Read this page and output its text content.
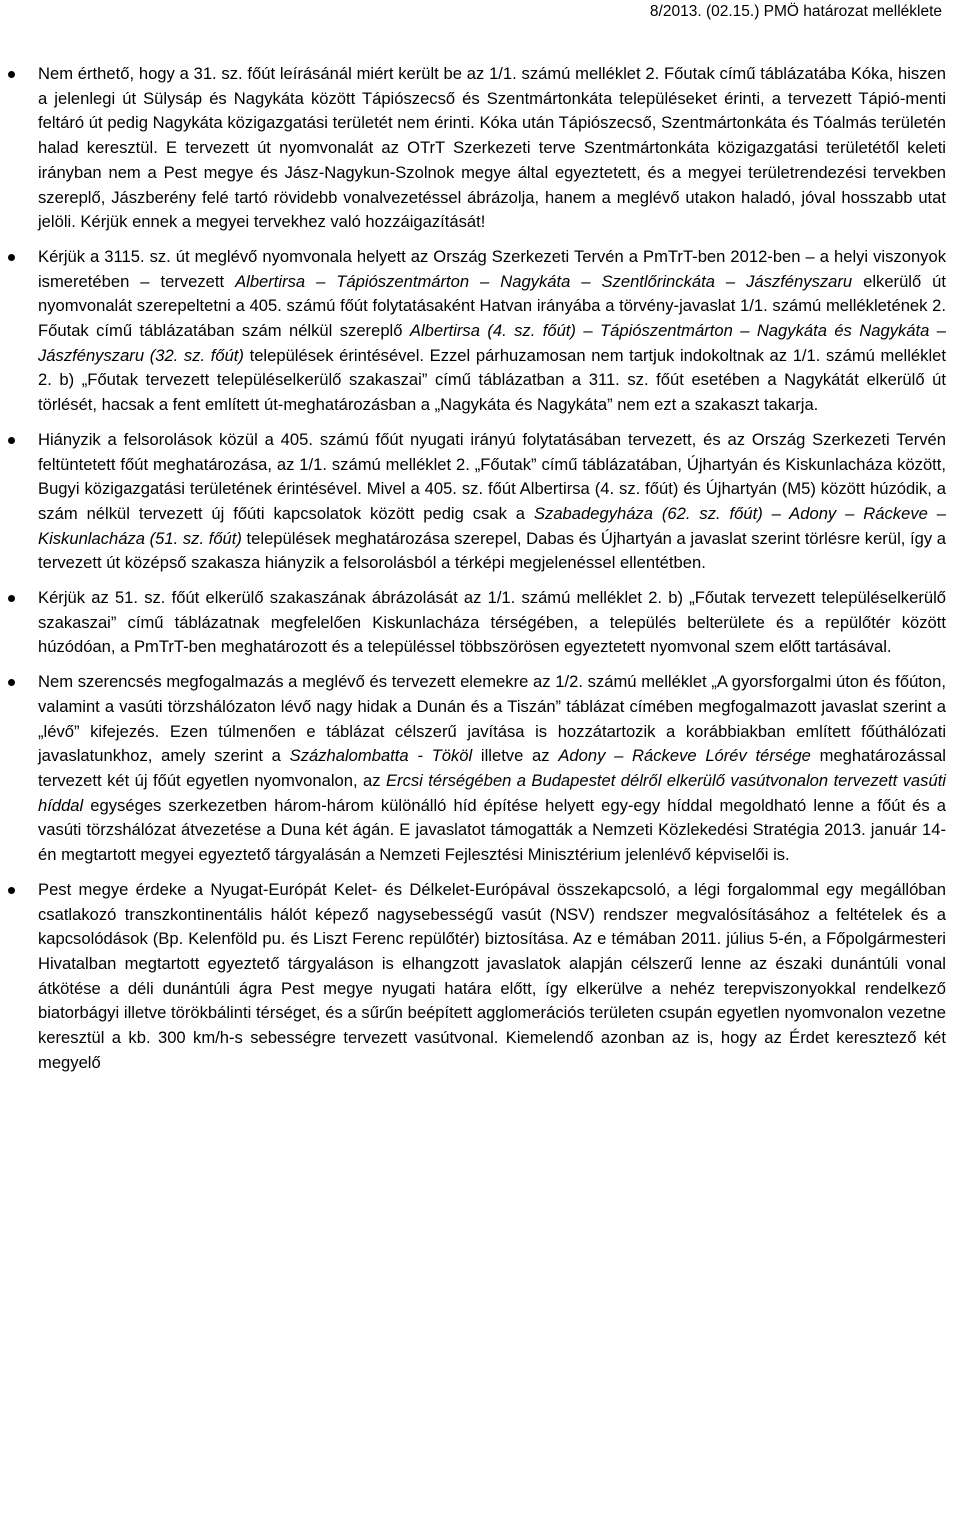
8/2013. (02.15.) PMÖ határozat melléklete

Nem érthető, hogy a 31. sz. főút leírásánál miért került be az 1/1. számú melléklet 2. Főutak című táblázatába Kóka, hiszen a jelenlegi út Sülysáp és Nagykáta között Tápiószecső és Szentmártonkáta településeket érinti, a tervezett Tápió-menti feltáró út pedig Nagykáta közigazgatási területét nem érinti. Kóka után Tápiószecső, Szentmártonkáta és Tóalmás területén halad keresztül. E tervezett út nyomvonalát az OTrT Szerkezeti terve Szentmártonkáta közigazgatási területétől keleti irányban nem a Pest megye és Jász-Nagykun-Szolnok megye által egyeztetett, és a megyei területrendezési tervekben szereplő, Jászberény felé tartó rövidebb vonalvezetéssel ábrázolja, hanem a meglévő utakon haladó, jóval hosszabb utat jelöli. Kérjük ennek a megyei tervekhez való hozzáigazítását!

Kérjük a 3115. sz. út meglévő nyomvonala helyett az Ország Szerkezeti Tervén a PmTrT-ben 2012-ben – a helyi viszonyok ismeretében – tervezett Albertirsa – Tápiószentmárton – Nagykáta – Szentlőrinckáta – Jászfényszaru elkerülő út nyomvonalát szerepeltetni a 405. számú főút folytatásaként Hatvan irányába a törvény-javaslat 1/1. számú mellékletének 2. Főutak című táblázatában szám nélkül szereplő Albertirsa (4. sz. főút) – Tápiószentmárton – Nagykáta és Nagykáta – Jászfényszaru (32. sz. főút) települések érintésével. Ezzel párhuzamosan nem tartjuk indokoltnak az 1/1. számú melléklet 2. b) „Főutak tervezett településelkerülő szakaszai” című táblázatban a 311. sz. főút esetében a Nagykátát elkerülő út törlését, hacsak a fent említett út-meghatározásban a „Nagykáta és Nagykáta” nem ezt a szakaszt takarja.

Hiányzik a felsorolások közül a 405. számú főút nyugati irányú folytatásában tervezett, és az Ország Szerkezeti Tervén feltüntetett főút meghatározása, az 1/1. számú melléklet 2. „Főutak” című táblázatában, Újhartyán és Kiskunlacháza között, Bugyi közigazgatási területének érintésével. Mivel a 405. sz. főút Albertirsa (4. sz. főút) és Újhartyán (M5) között húzódik, a szám nélkül tervezett új főúti kapcsolatok között pedig csak a Szabadegyháza (62. sz. főút) – Adony – Ráckeve – Kiskunlacháza (51. sz. főút) települések meghatározása szerepel, Dabas és Újhartyán a javaslat szerint törlésre kerül, így a tervezett út középső szakasza hiányzik a felsorolásból a térképi megjelenéssel ellentétben.

Kérjük az 51. sz. főút elkerülő szakaszának ábrázolását az 1/1. számú melléklet 2. b) „Főutak tervezett településelkerülő szakaszai” című táblázatnak megfelelően Kiskunlacháza térségében, a település belterülete és a repülőtér között húzódóan, a PmTrT-ben meghatározott és a településsel többszörösen egyeztetett nyomvonal szem előtt tartásával.

Nem szerencsés megfogalmazás a meglévő és tervezett elemekre az 1/2. számú melléklet „A gyorsforgalmi úton és főúton, valamint a vasúti törzshálózaton lévő nagy hidak a Dunán és a Tiszán” táblázat címében megfogalmazott javaslat szerint a „lévő” kifejezés. Ezen túlmenően e táblázat célszerű javítása is hozzátartozik a korábbiakban említett főúthálózati javaslatunkhoz, amely szerint a Százhalombatta - Tököl illetve az Adony – Ráckeve Lórév térsége meghatározással tervezett két új főút egyetlen nyomvonalon, az Ercsi térségében a Budapestet délről elkerülő vasútvonalon tervezett vasúti híddal egységes szerkezetben három-három különálló híd építése helyett egy-egy híddal megoldható lenne a főút és a vasúti törzshálózat átvezetése a Duna két ágán. E javaslatot támogatták a Nemzeti Közlekedési Stratégia 2013. január 14-én megtartott megyei egyeztető tárgyalásán a Nemzeti Fejlesztési Minisztérium jelenlévő képviselői is.

Pest megye érdeke a Nyugat-Európát Kelet- és Délkelet-Európával összekapcsoló, a légi forgalommal egy megállóban csatlakozó transzkontinentális hálót képező nagysebességű vasút (NSV) rendszer megvalósításához a feltételek és a kapcsolódások (Bp. Kelenföld pu. és Liszt Ferenc repülőtér) biztosítása. Az e témában 2011. július 5-én, a Főpolgármesteri Hivatalban megtartott egyeztető tárgyaláson is elhangzott javaslatok alapján célszerű lenne az északi dunántúli vonal átkötése a déli dunántúli ágra Pest megye nyugati határa előtt, így elkerülve a nehéz terepviszonyokkal rendelkező biatorbágyi illetve törökbálinti térséget, és a sűrűn beépített agglomerációs területen csupán egyetlen nyomvonalon vezetne keresztül a kb. 300 km/h-s sebességre tervezett vasútvonal. Kiemelendő azonban az is, hogy az Érdet keresztező két megyelő
